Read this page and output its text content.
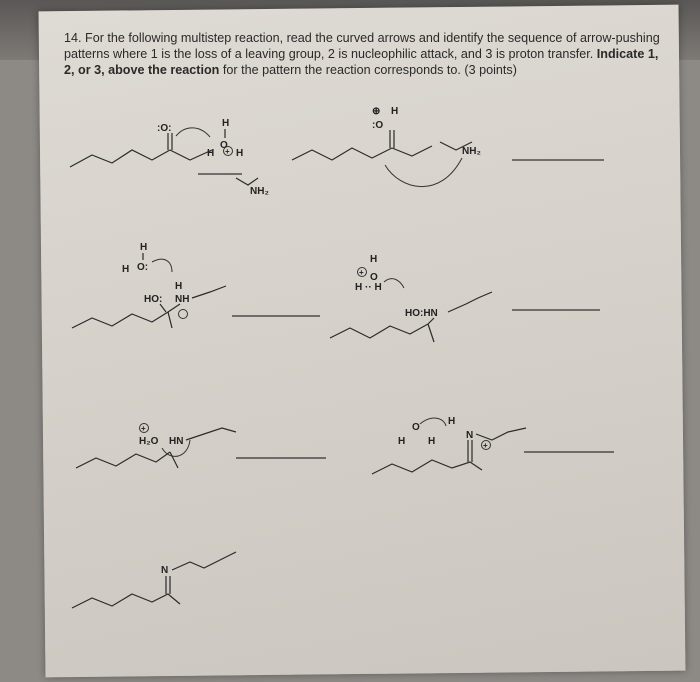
14. For the following multistep reaction, read the curved arrows and identify the sequence of arrow-pushing patterns where 1 is the loss of a leaving group, 2 is nucleophilic attack, and 3 is proton transfer. Indicate 1, 2, or 3, above the reaction for the pattern the reaction corresponds to. (3 points)
:O:	H
O
H + H
NH₂
⊕ H
:O
NH₂
H
H O:
H
HO: NH
H
+ O
H ·· H
HO:HN
+
H₂O HN
O
H H
H
N
+
N
